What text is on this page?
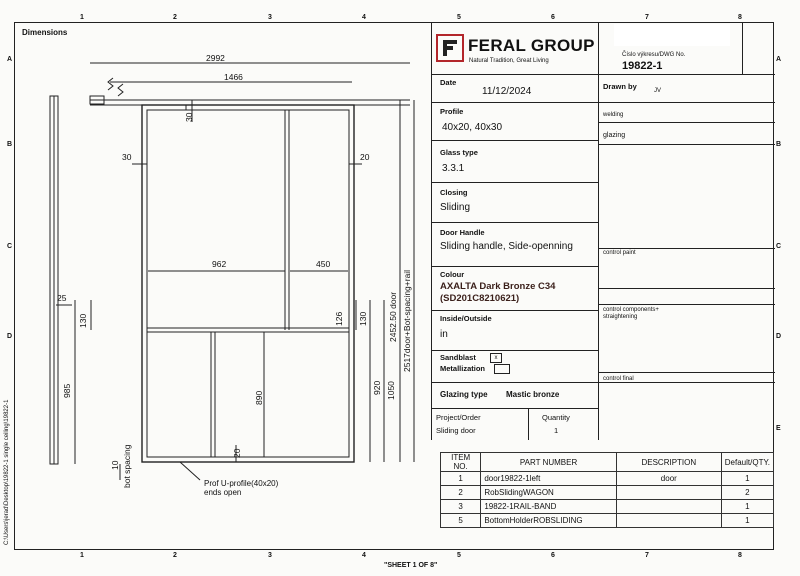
1	2	3	4	5	6	7	8
1	2	3	4	5	6	7	8
A
B
C
D
E
A
B
C
D
Dimensions
2992
1466
30
30	20
962	450
25
130	126 130
985	890
920 1050
2452.50 door 2517door+Bot-spacing+rail
20
10 bot spacing	Prof U-profile(40x20)
ends open
C:\Users\jerad\Desktop\19822-1 single ceiling\19822-1
"SHEET 1 OF 8"
FERAL GROUP
Natural Tradition, Great Living
Číslo výkresu/DWG No.
19822-1
Date
11/12/2024	Drawn by	JV
Profile
40x20, 40x30
welding
glazing
Glass type
3.3.1
Closing
Sliding
Door Handle
Sliding handle, Side-openning
control paint
Colour
AXALTA Dark Bronze C34 (SD201C8210621)
Inside/Outside
in
control components+ straightening
Sandblast	x
Metallization
control final
Glazing type Mastic bronze
Project/Order
Sliding door
Quantity
1
ITEM NO.	PART NUMBER	DESCRIPTION	Default/QTY.
1	door19822-1left	door	1
2	RobSlidingWAGON		2
3	19822-1RAIL-BAND		1
5	BottomHolderROBSLIDING		1
